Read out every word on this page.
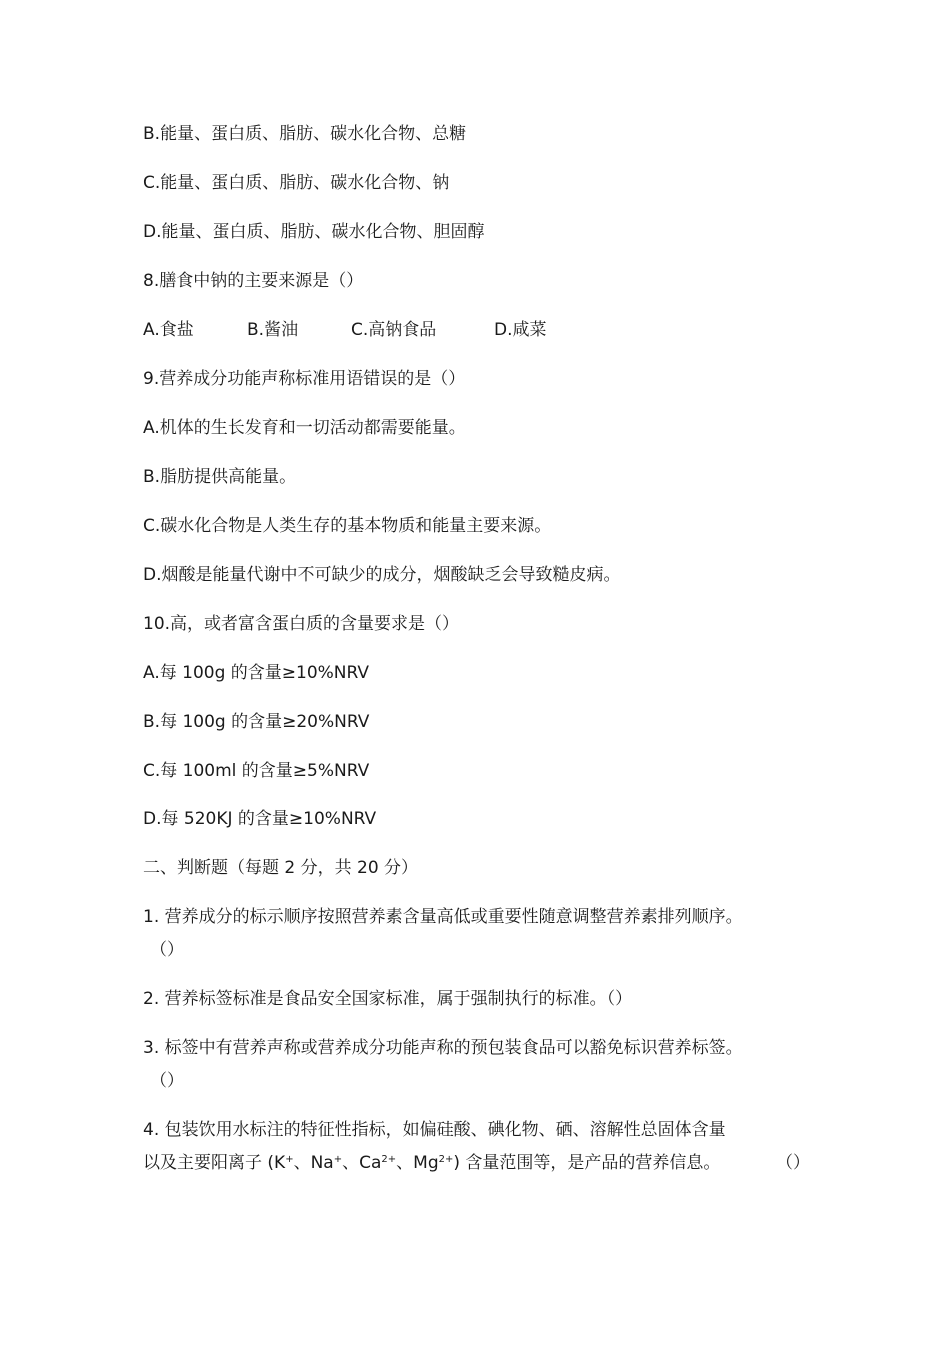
B.能量、蛋白质、脂肪、碳水化合物、总糖
C.能量、蛋白质、脂肪、碳水化合物、钠
D.能量、蛋白质、脂肪、碳水化合物、胆固醇
8.膳食中钠的主要来源是（）
A.食盐	B.酱油	C.高钠食品	D.咸菜
9.营养成分功能声称标准用语错误的是（）
A.机体的生长发育和一切活动都需要能量。
B.脂肪提供高能量。
C.碳水化合物是人类生存的基本物质和能量主要来源。
D.烟酸是能量代谢中不可缺少的成分，烟酸缺乏会导致糙皮病。
10.高，或者富含蛋白质的含量要求是（）
A.每 100g 的含量≥10%NRV
B.每 100g 的含量≥20%NRV
C.每 100ml 的含量≥5%NRV
D.每 520KJ 的含量≥10%NRV
二、判断题（每题 2 分，共 20 分）
1. 营养成分的标示顺序按照营养素含量高低或重要性随意调整营养素排列顺序。
（）
2. 营养标签标准是食品安全国家标准，属于强制执行的标准。（）
3. 标签中有营养声称或营养成分功能声称的预包装食品可以豁免标识营养标签。
（）
4. 包装饮用水标注的特征性指标，如偏硅酸、碘化物、硒、溶解性总固体含量
以及主要阳离子 (K+、Na+、$Ca^{2+}$、$Mg^{2+}$) 含量范围等，是产品的营养信息。	（）
